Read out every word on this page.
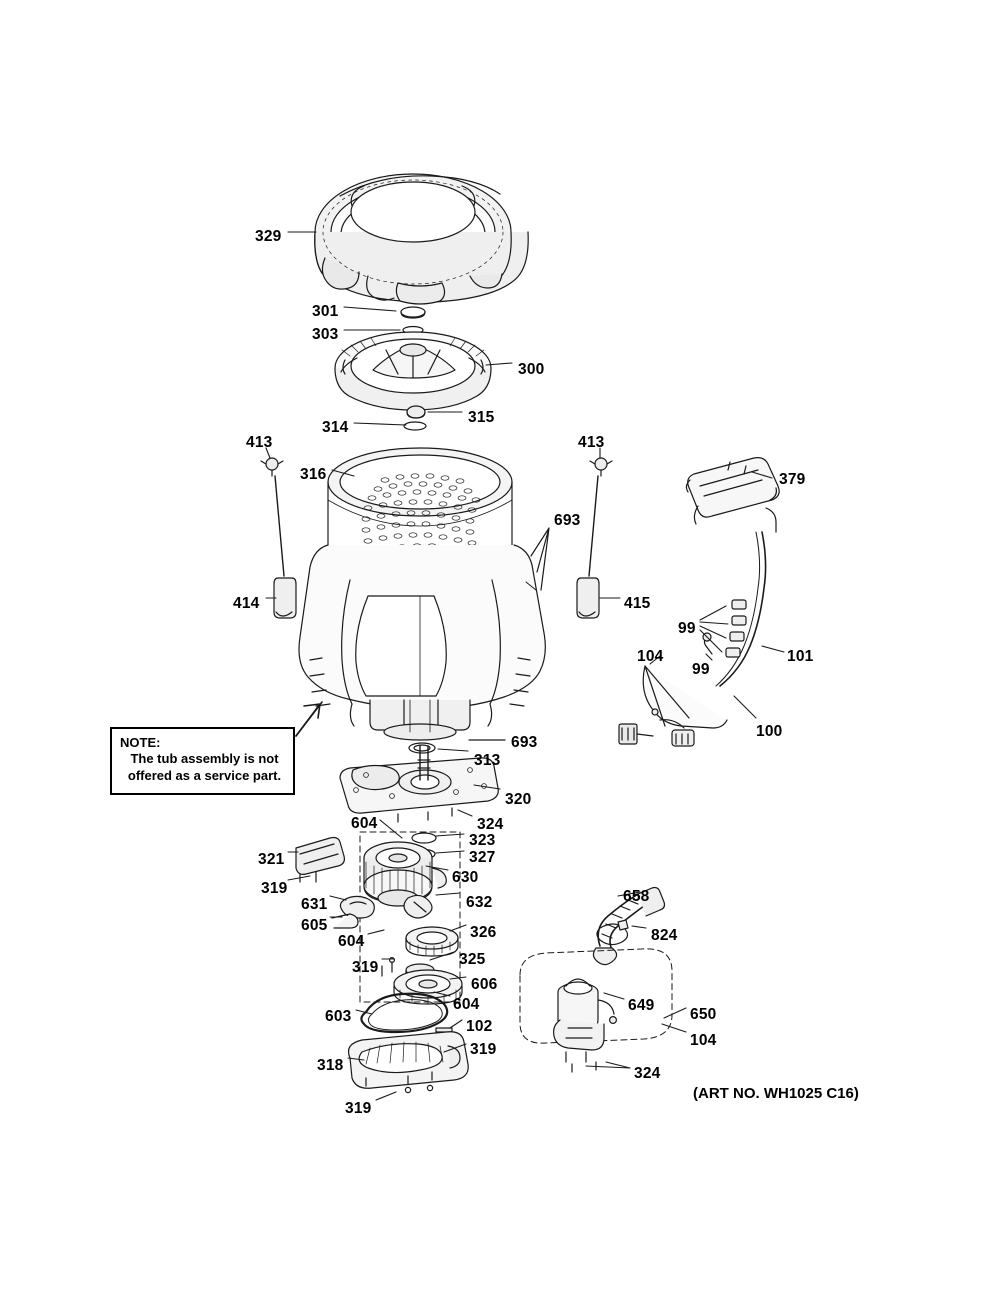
NOTE:
The tub assembly is not
offered as a service part.
(ART NO. WH1025 C16)
329
301
303
300
315
314
413
316
413
693
379
414	415
99
101
99
104
100
693
313
320
324
604
323
327
321
630
319
632
631
605
604
326
325
319
606
604
658
824
649
650
104
603
102
319
318	324
319
